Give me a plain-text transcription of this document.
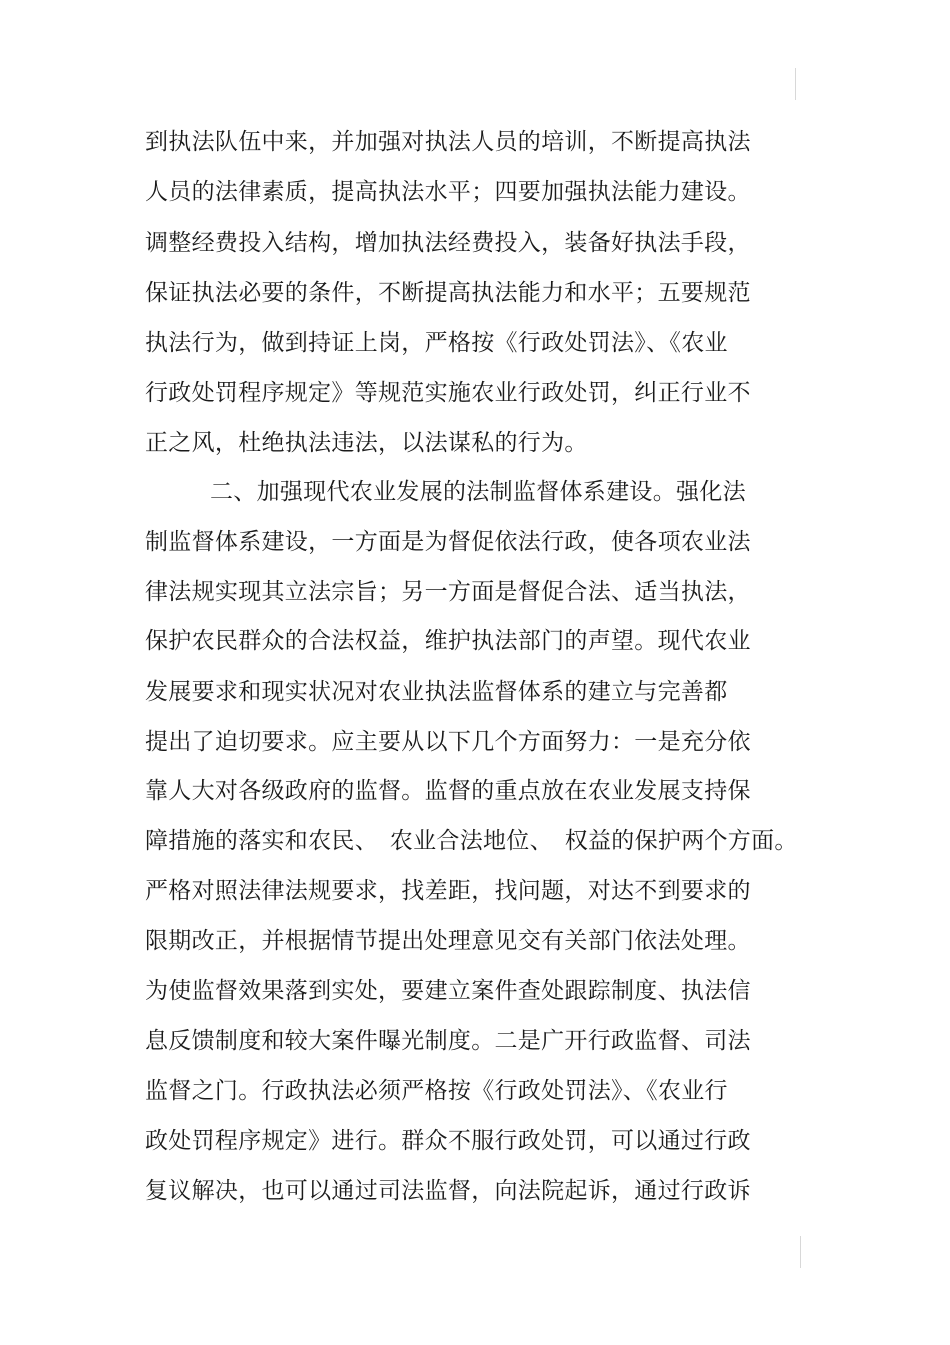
到执法队伍中来，并加强对执法人员的培训，不断提高执法
人员的法律素质，提高执法水平；四要加强执法能力建设。
调整经费投入结构，增加执法经费投入，装备好执法手段，
保证执法必要的条件，不断提高执法能力和水平；五要规范
执法行为，做到持证上岗，严格按《行政处罚法》、《农业
行政处罚程序规定》等规范实施农业行政处罚，纠正行业不
正之风，杜绝执法违法，以法谋私的行为。
二、加强现代农业发展的法制监督体系建设。强化法
制监督体系建设，一方面是为督促依法行政，使各项农业法
律法规实现其立法宗旨；另一方面是督促合法、适当执法，
保护农民群众的合法权益，维护执法部门的声望。现代农业
发展要求和现实状况对农业执法监督体系的建立与完善都
提出了迫切要求。应主要从以下几个方面努力：一是充分依
靠人大对各级政府的监督。监督的重点放在农业发展支持保
障措施的落实和农民、　农业合法地位、　权益的保护两个方面。
严格对照法律法规要求，找差距，找问题，对达不到要求的
限期改正，并根据情节提出处理意见交有关部门依法处理。
为使监督效果落到实处，要建立案件查处跟踪制度、执法信
息反馈制度和较大案件曝光制度。二是广开行政监督、司法
监督之门。行政执法必须严格按《行政处罚法》、《农业行
政处罚程序规定》进行。群众不服行政处罚，可以通过行政
复议解决，也可以通过司法监督，向法院起诉，通过行政诉
